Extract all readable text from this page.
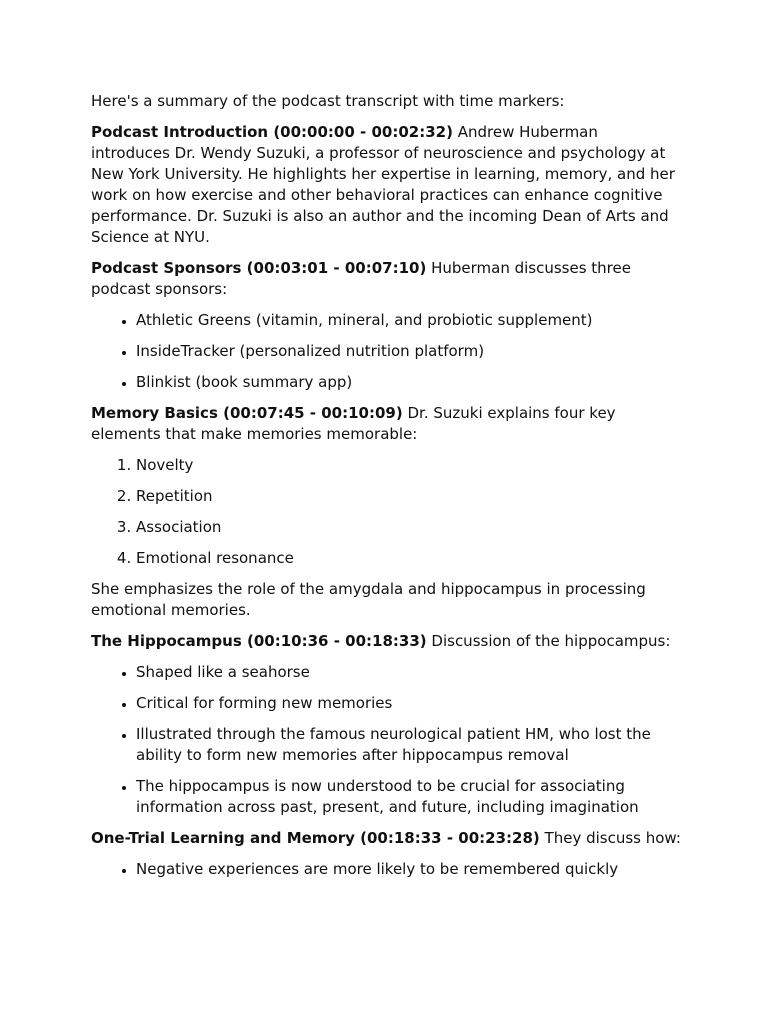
Here's a summary of the podcast transcript with time markers:

Podcast Introduction (00:00:00 - 00:02:32) Andrew Huberman introduces Dr. Wendy Suzuki, a professor of neuroscience and psychology at New York University. He highlights her expertise in learning, memory, and her work on how exercise and other behavioral practices can enhance cognitive performance. Dr. Suzuki is also an author and the incoming Dean of Arts and Science at NYU.

Podcast Sponsors (00:03:01 - 00:07:10) Huberman discusses three podcast sponsors:

• Athletic Greens (vitamin, mineral, and probiotic supplement)
• InsideTracker (personalized nutrition platform)
• Blinkist (book summary app)

Memory Basics (00:07:45 - 00:10:09) Dr. Suzuki explains four key elements that make memories memorable:

1. Novelty
2. Repetition
3. Association
4. Emotional resonance

She emphasizes the role of the amygdala and hippocampus in processing emotional memories.

The Hippocampus (00:10:36 - 00:18:33) Discussion of the hippocampus:

• Shaped like a seahorse
• Critical for forming new memories
• Illustrated through the famous neurological patient HM, who lost the ability to form new memories after hippocampus removal
• The hippocampus is now understood to be crucial for associating information across past, present, and future, including imagination

One-Trial Learning and Memory (00:18:33 - 00:23:28) They discuss how:

• Negative experiences are more likely to be remembered quickly
